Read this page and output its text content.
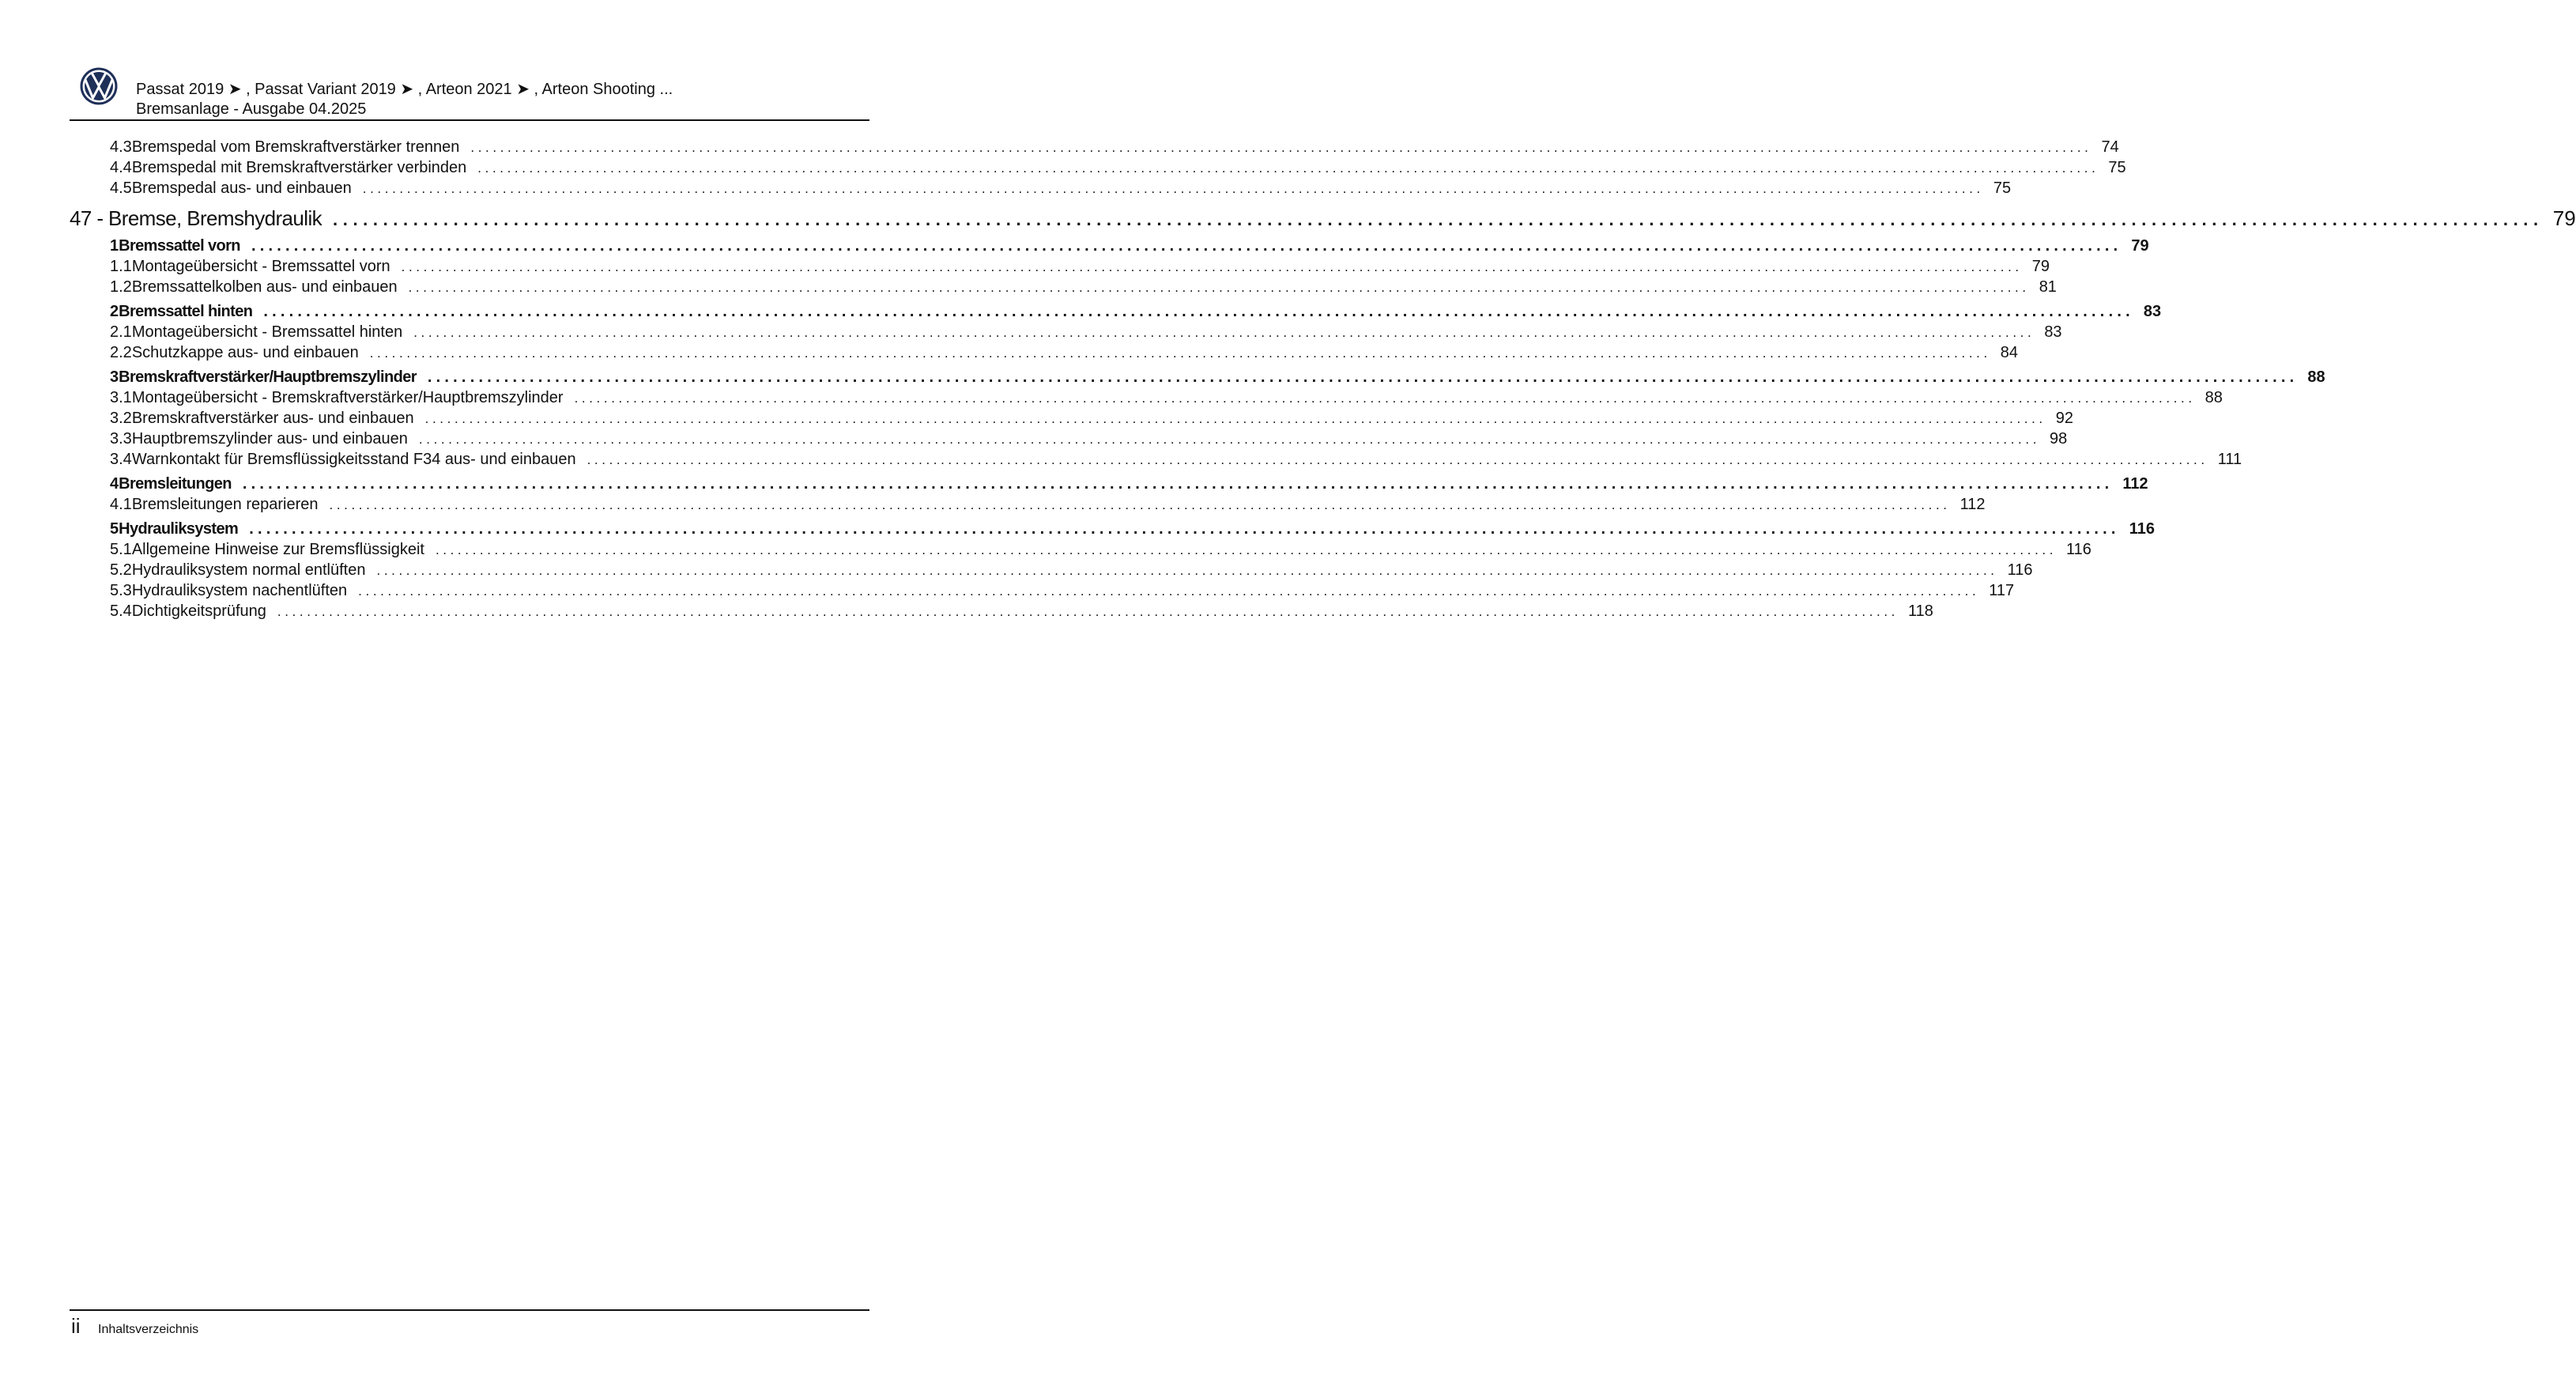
Passat 2019 ➤ , Passat Variant 2019 ➤ , Arteon 2021 ➤ , Arteon Shooting ...
Bremsanlage - Ausgabe 04.2025
4.3 Bremspedal vom Bremskraftverstärker trennen ............................................................................................................................................................................................................................ 74
4.4 Bremspedal mit Bremskraftverstärker verbinden ............................................................................................................................................................................................................................ 75
4.5 Bremspedal aus- und einbauen ............................................................................................................................................................................................................................ 75
47 - Bremse, Bremshydraulik ............................................................................................................................................................................................................................ 79
1 Bremssattel vorn ............................................................................................................................................................................................................................ 79
1.1 Montageübersicht - Bremssattel vorn ............................................................................................................................................................................................................................ 79
1.2 Bremssattelkolben aus- und einbauen ............................................................................................................................................................................................................................ 81
2 Bremssattel hinten ............................................................................................................................................................................................................................ 83
2.1 Montageübersicht - Bremssattel hinten ............................................................................................................................................................................................................................ 83
2.2 Schutzkappe aus- und einbauen ............................................................................................................................................................................................................................ 84
3 Bremskraftverstärker/Hauptbremszylinder ............................................................................................................................................................................................................................ 88
3.1 Montageübersicht - Bremskraftverstärker/Hauptbremszylinder ............................................................................................................................................................................................................................ 88
3.2 Bremskraftverstärker aus- und einbauen ............................................................................................................................................................................................................................ 92
3.3 Hauptbremszylinder aus- und einbauen ............................................................................................................................................................................................................................ 98
3.4 Warnkontakt für Bremsflüssigkeitsstand F34 aus- und einbauen ............................................................................................................................................................................................................................ 111
4 Bremsleitungen ............................................................................................................................................................................................................................ 112
4.1 Bremsleitungen reparieren ............................................................................................................................................................................................................................ 112
5 Hydrauliksystem ............................................................................................................................................................................................................................ 116
5.1 Allgemeine Hinweise zur Bremsflüssigkeit ............................................................................................................................................................................................................................ 116
5.2 Hydrauliksystem normal entlüften ............................................................................................................................................................................................................................ 116
5.3 Hydrauliksystem nachentlüften ............................................................................................................................................................................................................................ 117
5.4 Dichtigkeitsprüfung ............................................................................................................................................................................................................................ 118
ii Inhaltsverzeichnis
